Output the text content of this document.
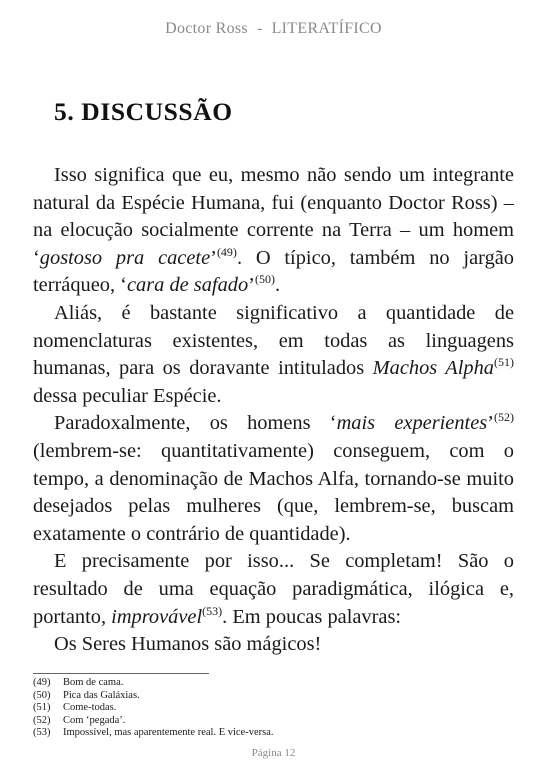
Doctor Ross - LITERATÍFICO
5. DISCUSSÃO

Isso significa que eu, mesmo não sendo um integrante natural da Espécie Humana, fui (enquanto Doctor Ross) – na elocução socialmente corrente na Terra – um homem ‘gostoso pra cacete’$^{(49)}$. O típico, também no jargão terráqueo, ‘cara de safado’$^{(50)}$.

Aliás, é bastante significativo a quantidade de nomenclaturas existentes, em todas as linguagens humanas, para os doravante intitulados Machos Alpha$^{(51)}$ dessa peculiar Espécie.

Paradoxalmente, os homens ‘mais experientes’$^{(52)}$ (lembrem-se: quantitativamente) conseguem, com o tempo, a denominação de Machos Alfa, tornando-se muito desejados pelas mulheres (que, lembrem-se, buscam exatamente o contrário de quantidade).

E precisamente por isso... Se completam! São o resultado de uma equação paradigmática, ilógica e, portanto, improvável$^{(53)}$. Em poucas palavras:

Os Seres Humanos são mágicos!

(49)	Bom de cama.
(50)	Pica das Galáxias.
(51)	Come-todas.
(52)	Com ‘pegada’.
(53)	Impossível, mas aparentemente real. E vice-versa.
Página 12
